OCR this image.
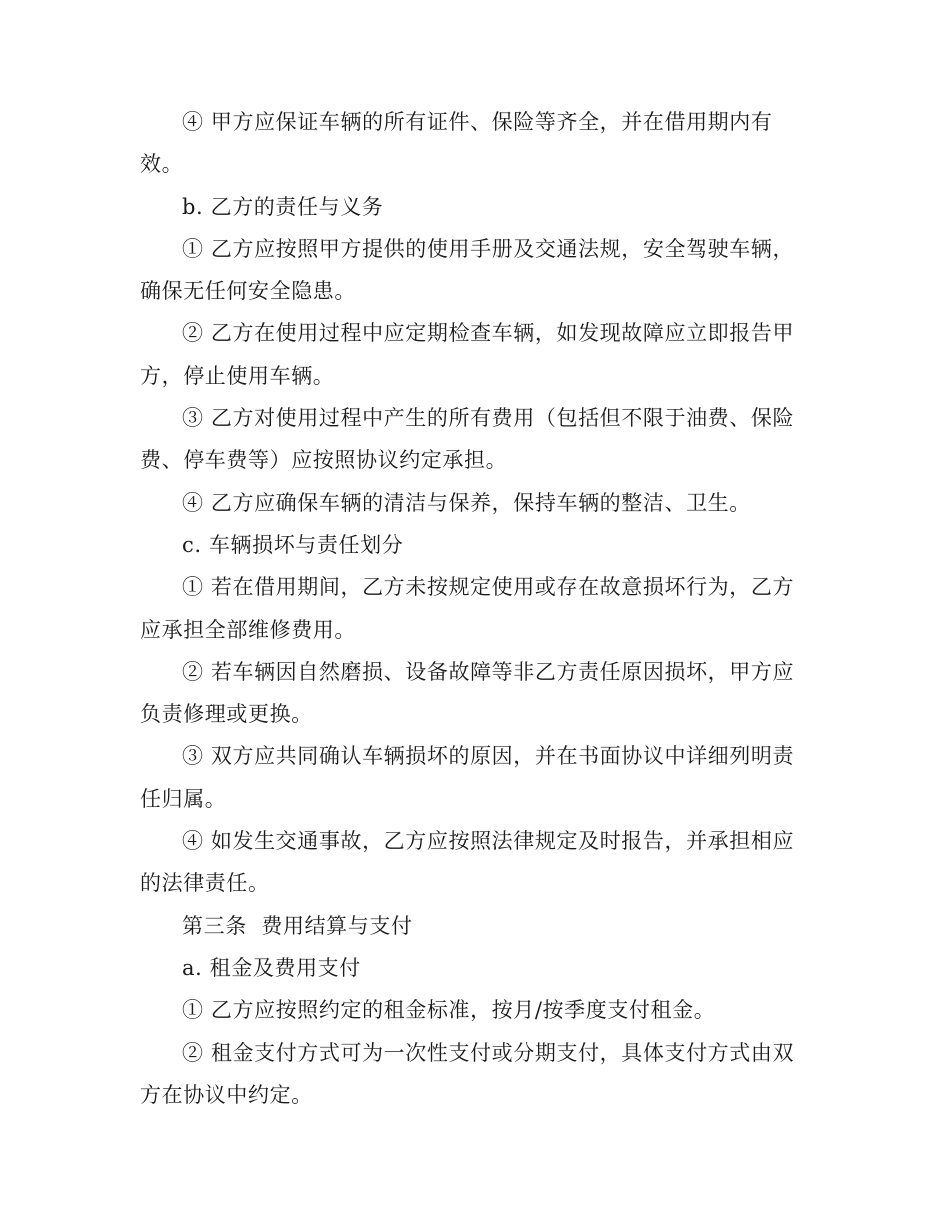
④ 甲方应保证车辆的所有证件、保险等齐全，并在借用期内有
效。

b. 乙方的责任与义务

① 乙方应按照甲方提供的使用手册及交通法规，安全驾驶车辆，
确保无任何安全隐患。

② 乙方在使用过程中应定期检查车辆，如发现故障应立即报告甲
方，停止使用车辆。

③ 乙方对使用过程中产生的所有费用（包括但不限于油费、保险
费、停车费等）应按照协议约定承担。

④ 乙方应确保车辆的清洁与保养，保持车辆的整洁、卫生。

c. 车辆损坏与责任划分

① 若在借用期间，乙方未按规定使用或存在故意损坏行为，乙方
应承担全部维修费用。

② 若车辆因自然磨损、设备故障等非乙方责任原因损坏，甲方应
负责修理或更换。

③ 双方应共同确认车辆损坏的原因，并在书面协议中详细列明责
任归属。

④ 如发生交通事故，乙方应按照法律规定及时报告，并承担相应
的法律责任。

第三条  费用结算与支付

a. 租金及费用支付

① 乙方应按照约定的租金标准，按月/按季度支付租金。

② 租金支付方式可为一次性支付或分期支付，具体支付方式由双
方在协议中约定。
